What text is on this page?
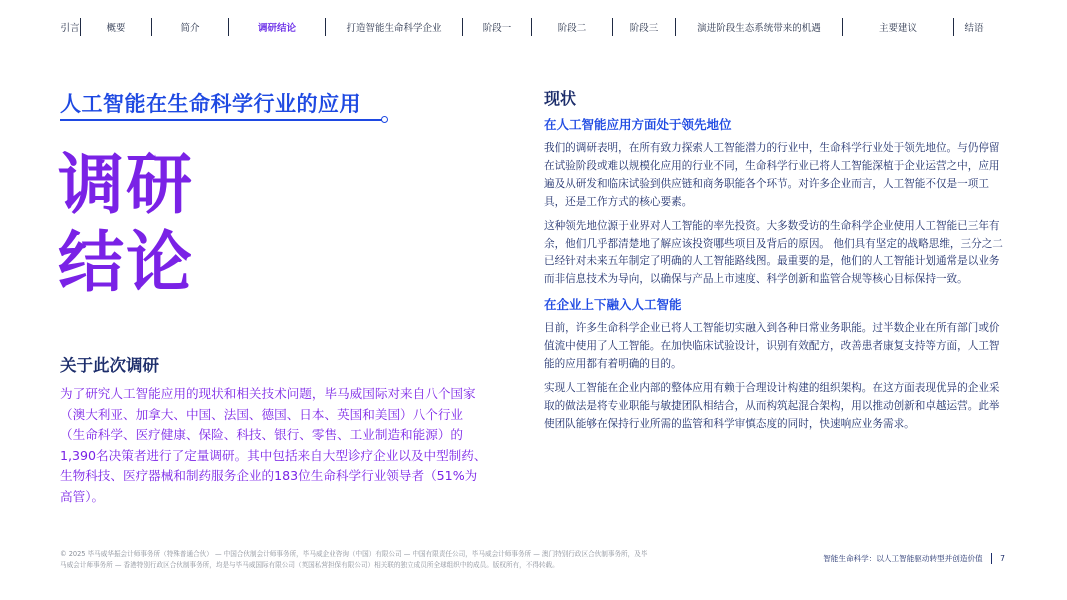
引言	概要	简介	调研结论	打造智能生命科学企业	阶段一	阶段二	阶段三	演进阶段生态系统带来的机遇	主要建议	结语
人工智能在生命科学行业的应用
调研
结论
关于此次调研
为了研究人工智能应用的现状和相关技术问题，毕马威国际对来自八个国家（澳大利亚、加拿大、中国、法国、德国、日本、英国和美国）八个行业（生命科学、医疗健康、保险、科技、银行、零售、工业制造和能源）的1,390名决策者进行了定量调研。其中包括来自大型诊疗企业以及中型制药、生物科技、医疗器械和制药服务企业的183位生命科学行业领导者（51%为高管）。
现状
在人工智能应用方面处于领先地位

我们的调研表明，在所有致力探索人工智能潜力的行业中，生命科学行业处于领先地位。与仍停留在试验阶段或难以规模化应用的行业不同，生命科学行业已将人工智能深植于企业运营之中，应用遍及从研发和临床试验到供应链和商务职能各个环节。对许多企业而言，人工智能不仅是一项工具，还是工作方式的核心要素。

这种领先地位源于业界对人工智能的率先投资。大多数受访的生命科学企业使用人工智能已三年有余，他们几乎都清楚地了解应该投资哪些项目及背后的原因。 他们具有坚定的战略思维，三分之二已经针对未来五年制定了明确的人工智能路线图。最重要的是，他们的人工智能计划通常是以业务而非信息技术为导向，以确保与产品上市速度、科学创新和监管合规等核心目标保持一致。

在企业上下融入人工智能

目前，许多生命科学企业已将人工智能切实融入到各种日常业务职能。过半数企业在所有部门或价值流中使用了人工智能。在加快临床试验设计，识别有效配方，改善患者康复支持等方面，人工智能的应用都有着明确的目的。

实现人工智能在企业内部的整体应用有赖于合理设计构建的组织架构。在这方面表现优异的企业采取的做法是将专业职能与敏捷团队相结合，从而构筑起混合架构，用以推动创新和卓越运营。此举使团队能够在保持行业所需的监管和科学审慎态度的同时，快速响应业务需求。

© 2025 毕马威华振会计师事务所（特殊普通合伙） — 中国合伙制会计师事务所，毕马威企业咨询（中国）有限公司 — 中国有限责任公司，毕马威会计师事务所 — 澳门特别行政区合伙制事务所，及毕马威会计师事务所 — 香港特别行政区合伙制事务所，均是与毕马威国际有限公司（英国私营担保有限公司）相关联的独立成员所全球组织中的成员。版权所有，不得转载。
智能生命科学：以人工智能驱动转型并创造价值 7
